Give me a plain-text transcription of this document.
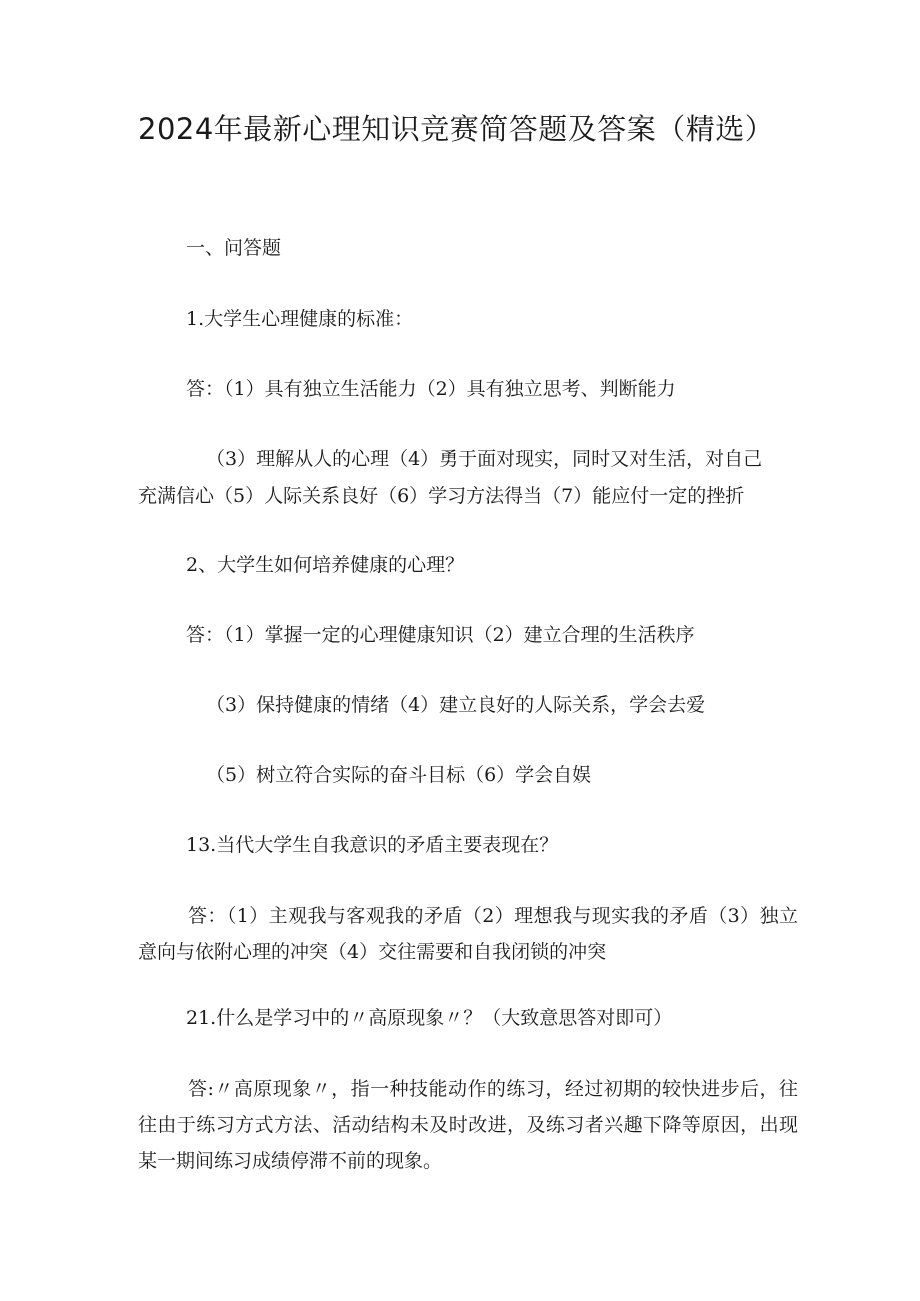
2024年最新心理知识竞赛简答题及答案（精选）

一、问答题

1.大学生心理健康的标准：

答：（1）具有独立生活能力（2）具有独立思考、判断能力

（3）理解从人的心理（4）勇于面对现实，同时又对生活，对自己

充满信心（5）人际关系良好（6）学习方法得当（7）能应付一定的挫折

2、大学生如何培养健康的心理？

答：（1）掌握一定的心理健康知识（2）建立合理的生活秩序

（3）保持健康的情绪（4）建立良好的人际关系，学会去爱

（5）树立符合实际的奋斗目标（6）学会自娱

13.当代大学生自我意识的矛盾主要表现在？

答：（1）主观我与客观我的矛盾（2）理想我与现实我的矛盾（3）独立意向与依附心理的冲突（4）交往需要和自我闭锁的冲突

21.什么是学习中的〃高原现象〃？（大致意思答对即可）

答:〃高原现象〃，指一种技能动作的练习，经过初期的较快进步后，往往由于练习方式方法、活动结构未及时改进，及练习者兴趣下降等原因，出现某一期间练习成绩停滞不前的现象。
